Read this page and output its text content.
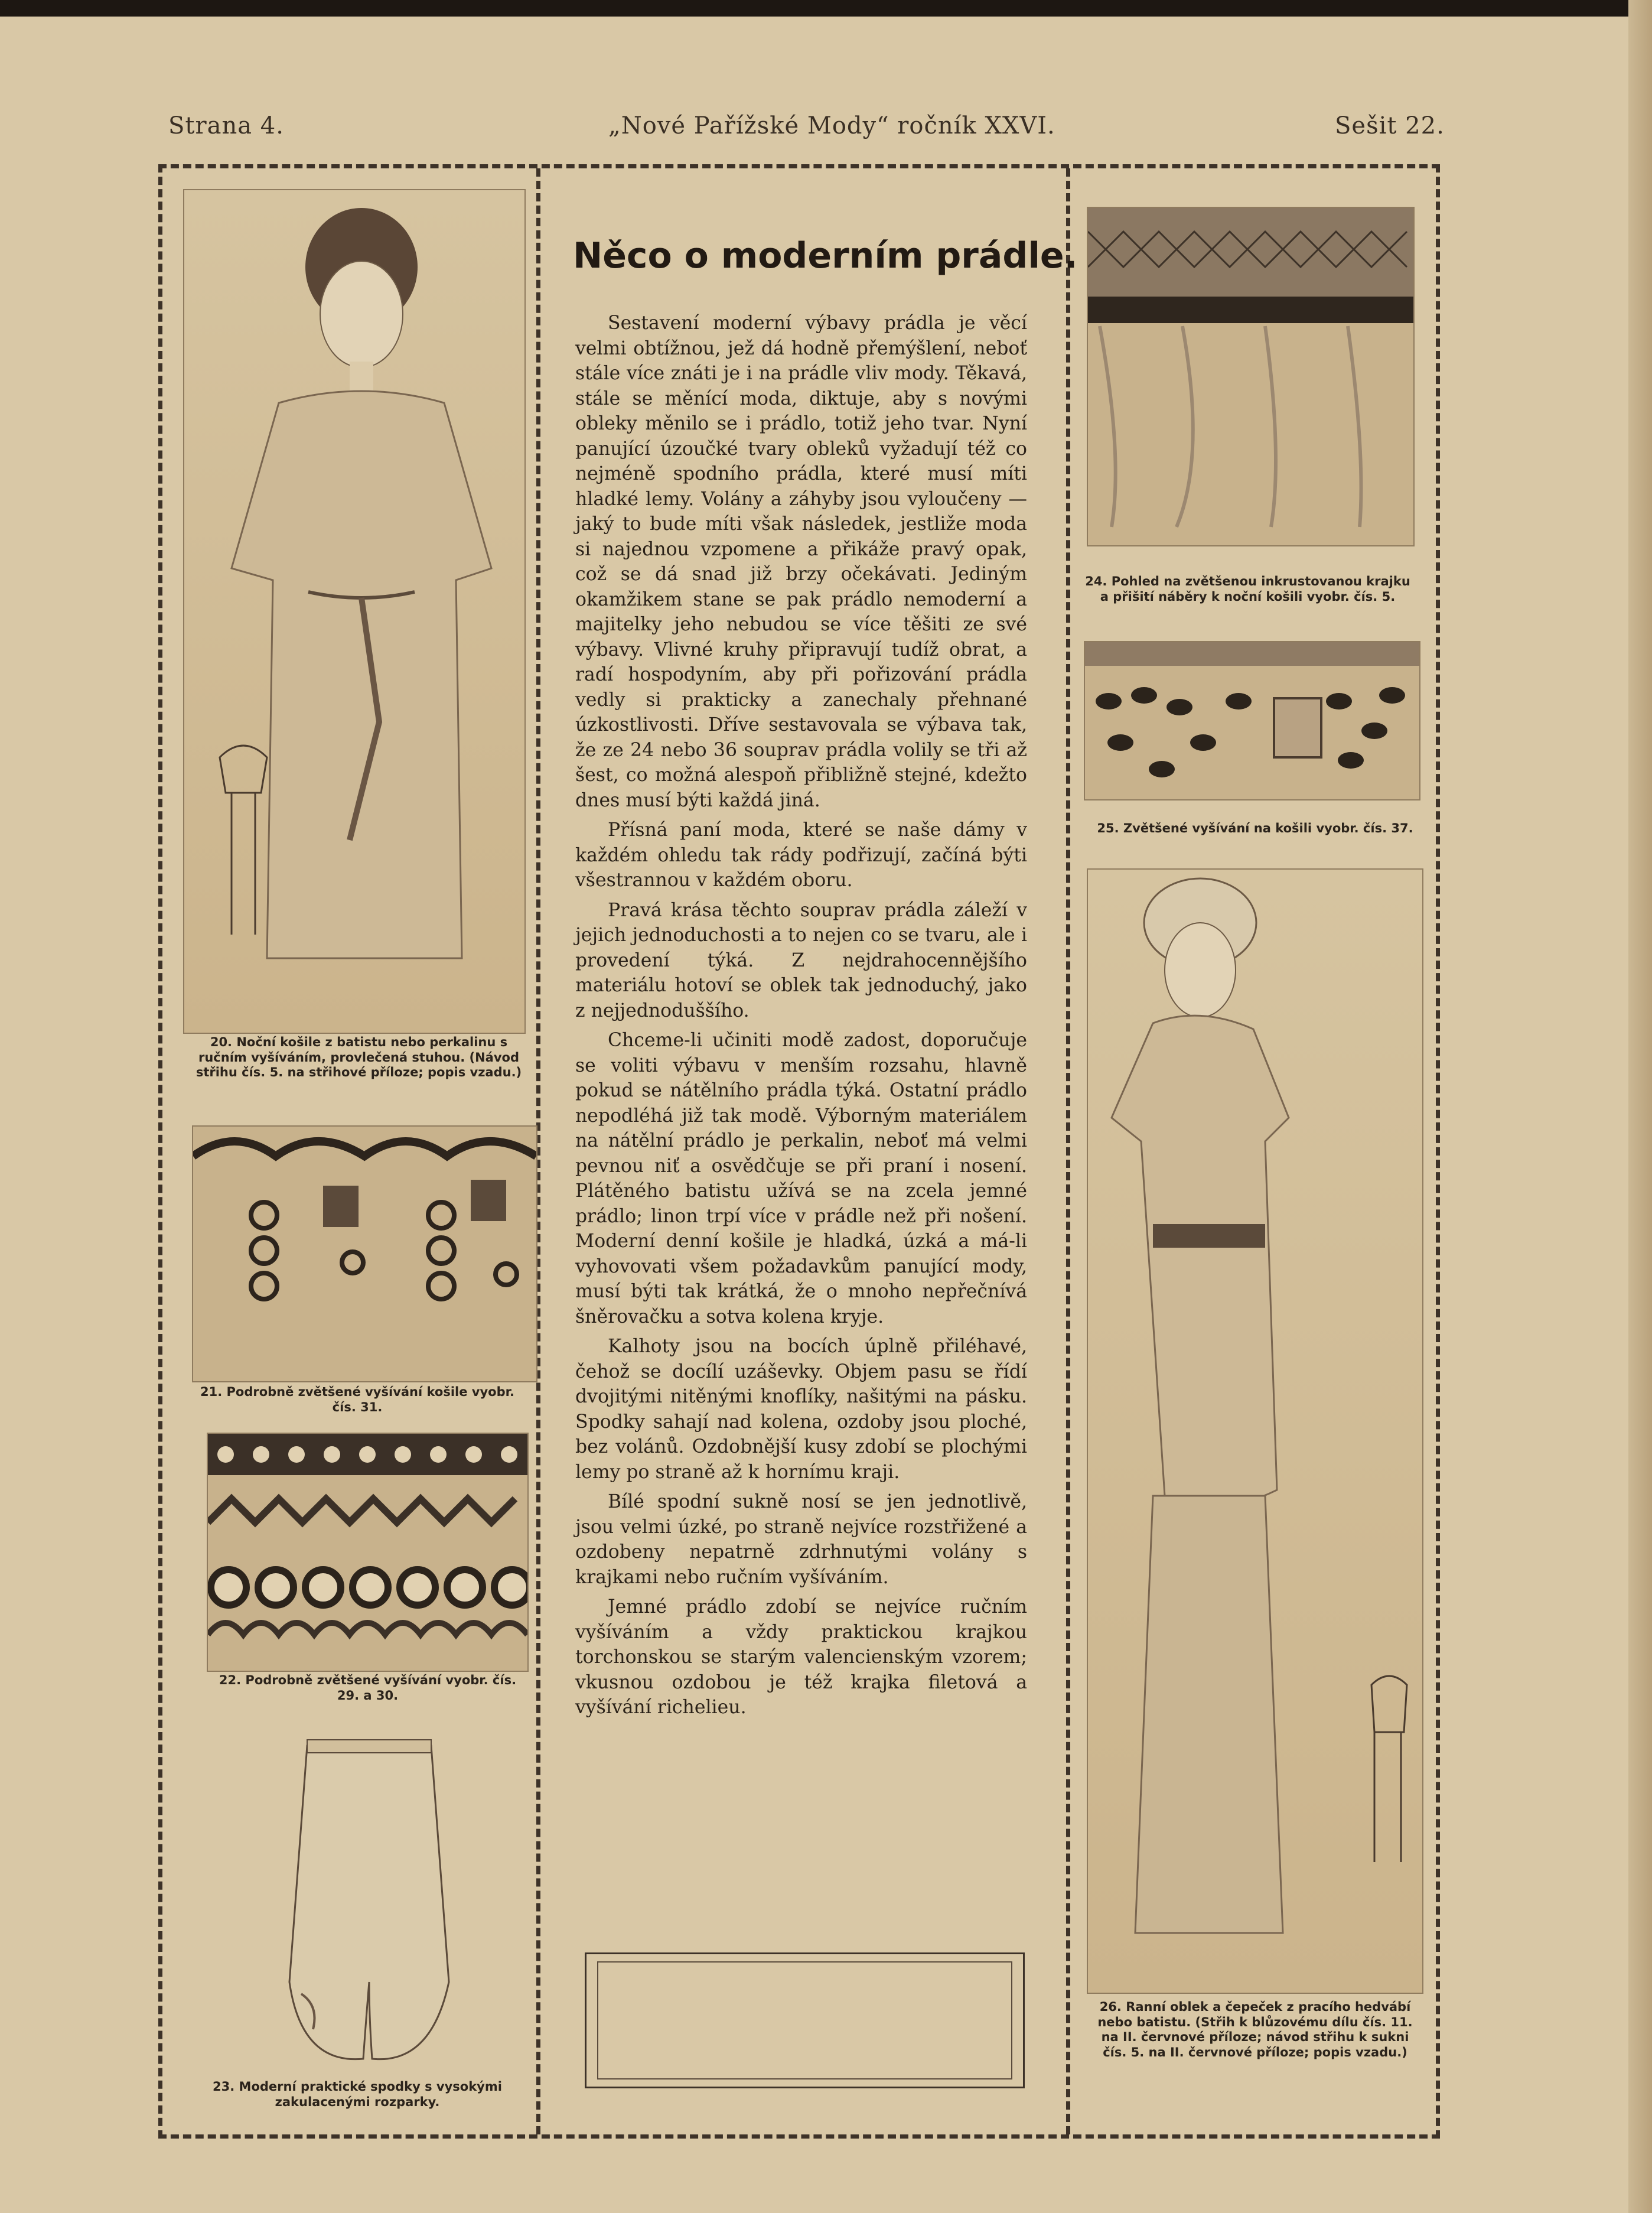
Strana 4.	„Nové Pařížské Mody“ ročník XXVI.	Sešit 22.
20. Noční košile z batistu nebo perkalinu s ručním vyšíváním, provlečená stuhou. (Návod střihu čís. 5. na střihové příloze; popis vzadu.)
21. Podrobně zvětšené vyšívání košile vyobr. čís. 31.
22. Podrobně zvětšené vyšívání vyobr. čís. 29. a 30.
23. Moderní praktické spodky s vysokými zakulacenými rozparky.
Něco o moderním prádle.

Sestavení moderní výbavy prádla je věcí velmi obtížnou, jež dá hodně přemýšlení, neboť stále více znáti je i na prádle vliv mody. Těkavá, stále se měnící moda, diktuje, aby s novými obleky měnilo se i prádlo, totiž jeho tvar. Nyní panující úzoučké tvary obleků vyžadují též co nejméně spodního prádla, které musí míti hladké lemy. Volány a záhyby jsou vyloučeny — jaký to bude míti však následek, jestliže moda si najednou vzpomene a přikáže pravý opak, což se dá snad již brzy očekávati. Jediným okamžikem stane se pak prádlo nemoderní a majitelky jeho nebudou se více těšiti ze své výbavy. Vlivné kruhy připravují tudíž obrat, a radí hospodyním, aby při pořizování prádla vedly si prakticky a zanechaly přehnané úzkostlivosti. Dříve sestavovala se výbava tak, že ze 24 nebo 36 souprav prádla volily se tři až šest, co možná alespoň přibližně stejné, kdežto dnes musí býti každá jiná.

Přísná paní moda, které se naše dámy v každém ohledu tak rády podřizují, začíná býti všestrannou v každém oboru.

Pravá krása těchto souprav prádla záleží v jejich jednoduchosti a to nejen co se tvaru, ale i provedení týká. Z nejdrahocennějšího materiálu hotoví se oblek tak jednoduchý, jako z nejjednoduššího.

Chceme-li učiniti modě zadost, doporučuje se voliti výbavu v menším rozsahu, hlavně pokud se nátělního prádla týká. Ostatní prádlo nepodléhá již tak modě. Výborným materiálem na nátělní prádlo je perkalin, neboť má velmi pevnou niť a osvědčuje se při praní i nosení. Plátěného batistu užívá se na zcela jemné prádlo; linon trpí více v prádle než při nošení. Moderní denní košile je hladká, úzká a má-li vyhovovati všem požadavkům panující mody, musí býti tak krátká, že o mnoho nepřečnívá šněrovačku a sotva kolena kryje.

Kalhoty jsou na bocích úplně přiléhavé, čehož se docílí uzáševky. Objem pasu se řídí dvojitými nitěnými knoflíky, našitými na pásku. Spodky sahají nad kolena, ozdoby jsou ploché, bez volánů. Ozdobnější kusy zdobí se plochými lemy po straně až k hornímu kraji.

Bílé spodní sukně nosí se jen jednotlivě, jsou velmi úzké, po straně nejvíce rozstřižené a ozdobeny nepatrně zdrhnutými volány s krajkami nebo ručním vyšíváním.

Jemné prádlo zdobí se nejvíce ručním vyšíváním a vždy praktickou krajkou torchonskou se starým valencienským vzorem; vkusnou ozdobou je též krajka filetová a vyšívání richelieu.

24. Pohled na zvětšenou inkrustovanou krajku a přišití náběry k noční košili vyobr. čís. 5.
25. Zvětšené vyšívání na košili vyobr. čís. 37.
26. Ranní oblek a čepeček z pracího hedvábí nebo batistu. (Střih k blůzovému dílu čís. 11. na II. červnové příloze; návod střihu k sukni čís. 5. na II. červnové příloze; popis vzadu.)
